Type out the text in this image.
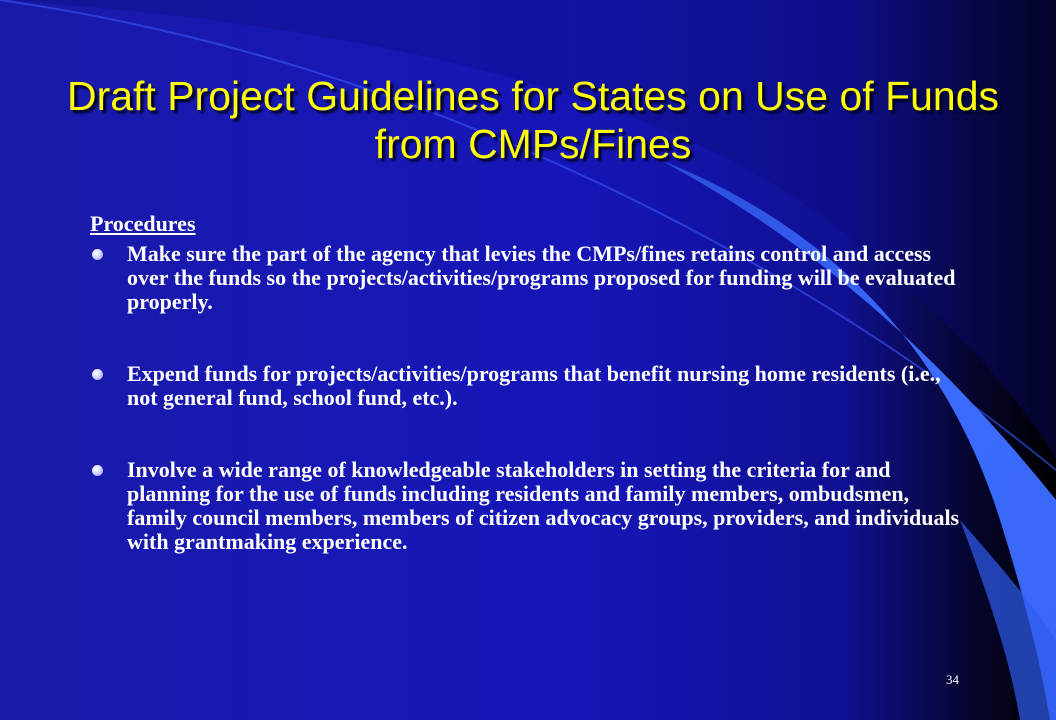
Draft Project Guidelines for States on Use of Funds from CMPs/Fines
Procedures
Make sure the part of the agency that levies the CMPs/fines retains control and access over the funds so the projects/activities/programs proposed for funding will be evaluated properly.
Expend funds for projects/activities/programs that benefit nursing home residents (i.e., not general fund, school fund, etc.).
Involve a wide range of knowledgeable stakeholders in setting the criteria for and planning for the use of funds including residents and family members, ombudsmen, family council members, members of citizen advocacy groups, providers, and individuals with grantmaking experience.
34
